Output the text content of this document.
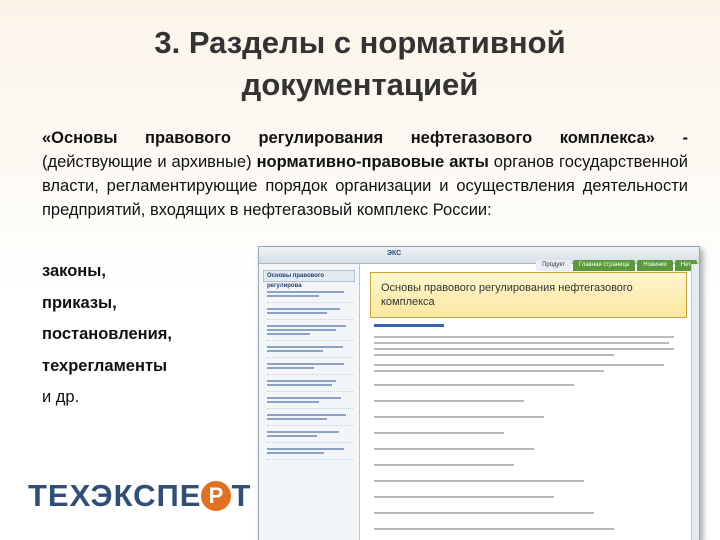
3. Разделы с нормативной документацией
«Основы правового регулирования нефтегазового комплекса» - (действующие и архивные) нормативно-правовые акты органов государственной власти, регламентирующие порядок организации и осуществления деятельности предприятий, входящих в нефтегазовый комплекс России:
законы,
приказы,
постановления,
техрегламенты
и др.
ЭКС
Продукт	Главная страница	Новинки	Нет
Основы правового регулирова	Основы правового регулирования нефтегазового комплекса
ТЕХЭКСПЕ Р Т
